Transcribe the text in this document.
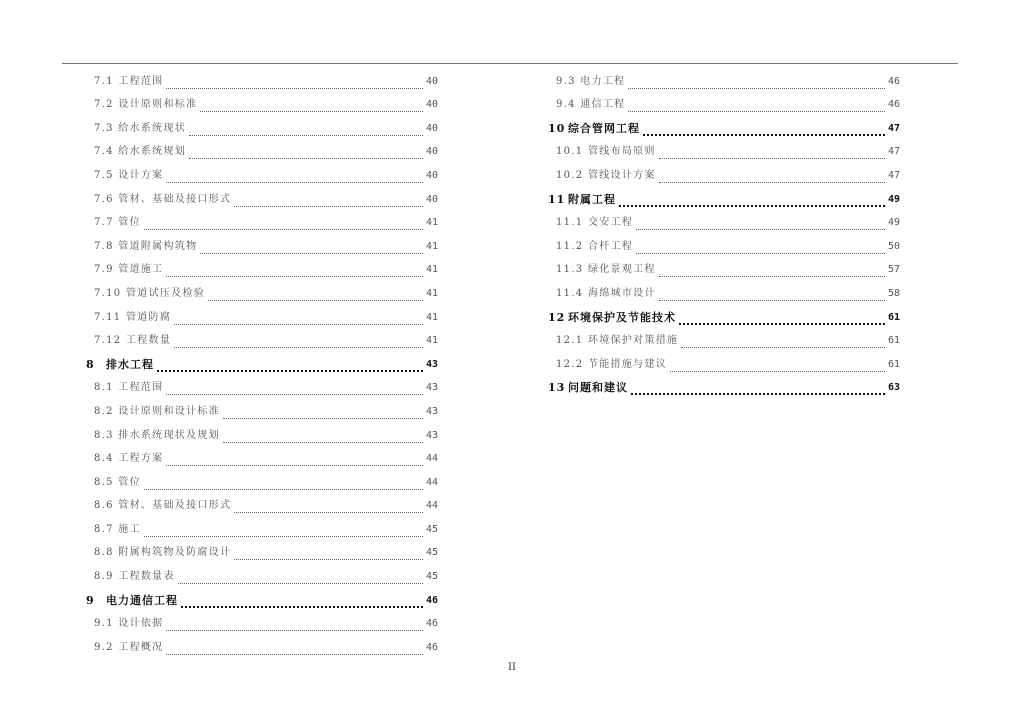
7.1 工程范围	40
7.2 设计原则和标准	40
7.3 给水系统现状	40
7.4 给水系统规划	40
7.5 设计方案	40
7.6 管材、基础及接口形式	40
7.7 管位	41
7.8 管道附属构筑物	41
7.9 管道施工	41
7.10 管道试压及检验	41
7.11 管道防腐	41
7.12 工程数量	41
8 排水工程	43
8.1 工程范围	43
8.2 设计原则和设计标准	43
8.3 排水系统现状及规划	43
8.4 工程方案	44
8.5 管位	44
8.6 管材、基础及接口形式	44
8.7 施工	45
8.8 附属构筑物及防腐设计	45
8.9 工程数量表	45
9 电力通信工程	46
9.1 设计依据	46
9.2 工程概况	46
9.3 电力工程	46
9.4 通信工程	46
10 综合管网工程	47
10.1 管线布局原则	47
10.2 管线设计方案	47
11 附属工程	49
11.1 交安工程	49
11.2 合杆工程	50
11.3 绿化景观工程	57
11.4 海绵城市设计	58
12 环境保护及节能技术	61
12.1 环境保护对策措施	61
12.2 节能措施与建议	61
13 问题和建议	63
II
